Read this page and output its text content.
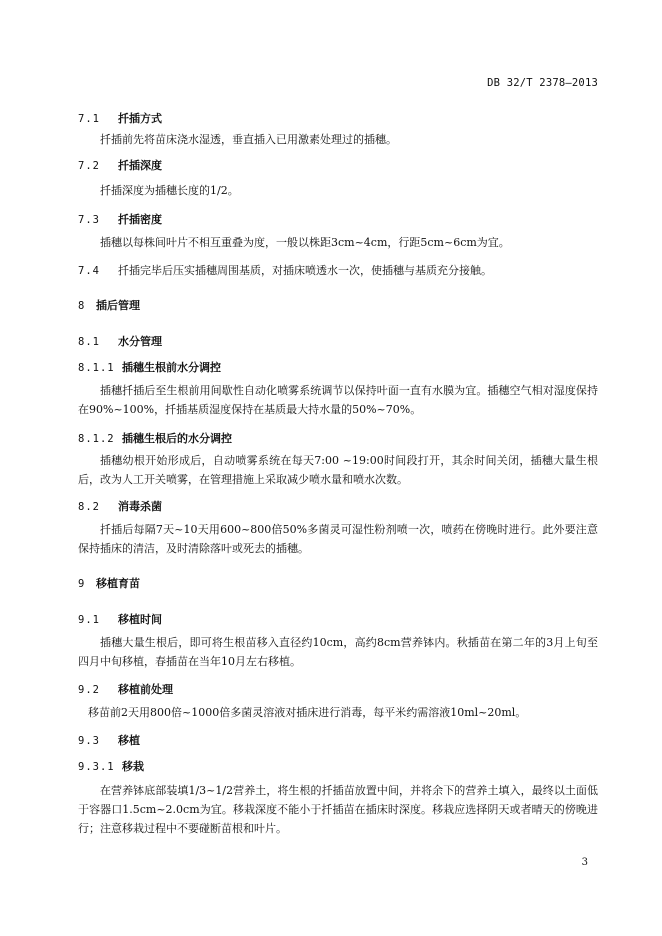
DB 32/T 2378—2013
7.1 扦插方式
扦插前先将苗床浇水湿透，垂直插入已用激素处理过的插穗。
7.2 扦插深度
扦插深度为插穗长度的1/2。
7.3 扦插密度
插穗以每株间叶片不相互重叠为度，一般以株距3cm~4cm，行距5cm~6cm为宜。
7.4 扦插完毕后压实插穗周围基质，对插床喷透水一次，使插穗与基质充分接触。
8 插后管理
8.1 水分管理
8.1.1 插穗生根前水分调控
插穗扦插后至生根前用间歇性自动化喷雾系统调节以保持叶面一直有水膜为宜。插穗空气相对湿度保持在90%~100%，扦插基质湿度保持在基质最大持水量的50%~70%。
8.1.2 插穗生根后的水分调控
插穗幼根开始形成后，自动喷雾系统在每天7:00 ~19:00时间段打开，其余时间关闭，插穗大量生根后，改为人工开关喷雾，在管理措施上采取减少喷水量和喷水次数。
8.2 消毒杀菌
扦插后每隔7天~10天用600~800倍50%多菌灵可湿性粉剂喷一次，喷药在傍晚时进行。此外要注意保持插床的清洁，及时清除落叶或死去的插穗。
9 移植育苗
9.1 移植时间
插穗大量生根后，即可将生根苗移入直径约10cm，高约8cm营养钵内。秋插苗在第二年的3月上旬至四月中旬移植，春插苗在当年10月左右移植。
9.2 移植前处理
移苗前2天用800倍~1000倍多菌灵溶液对插床进行消毒，每平米约需溶液10ml~20ml。
9.3 移植
9.3.1 移栽
在营养钵底部装填1/3~1/2营养土，将生根的扦插苗放置中间，并将余下的营养土填入，最终以土面低于容器口1.5cm~2.0cm为宜。移栽深度不能小于扦插苗在插床时深度。移栽应选择阴天或者晴天的傍晚进行；注意移栽过程中不要碰断苗根和叶片。
3
